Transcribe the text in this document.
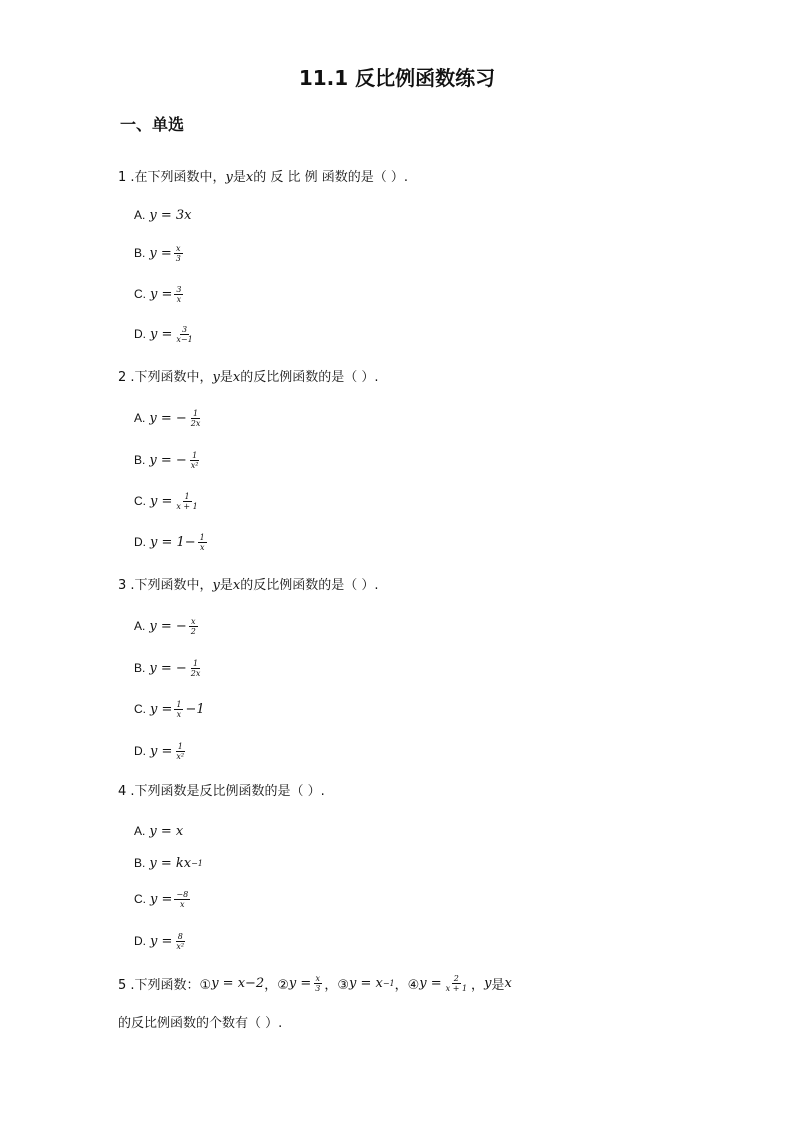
11.1 反比例函数练习
一、单选
1 .在下列函数中，y是x的 反 比 例 函数的是（ ）.
A. y = 3x
B. $y = \frac{x}{3}$
C. $y = \frac{3}{x}$
D. $y = \frac{3}{x-1}$
2 .下列函数中，y是x的反比例函数的是（ ）.
A. y = − $\frac{1}{2x}$
B. y = − $\frac{1}{\text{x²}}$
C. $y = \frac{1}{x + 1}$
D. $y = 1- \frac{1}{x}$
3 .下列函数中，y是x的反比例函数的是（ ）.
A. y = − $\frac{x}{2}$
B. y = − $\frac{1}{2x}$
C. $y = \frac{1}{x} -1$
D. $y = \frac{1}{\text{x²}}$
4 .下列函数是反比例函数的是（ ）.
A. y = x
B. y = kx −1
C. $y = \frac{-8}{x}$
D. $y = \frac{8}{\text{x²}}$
5 .下列函数：① y = x−2 ，② $y = \frac{x}{3}$ ，③ y = x −1 ，④ $y = \frac{2}{x + 1}$ ， y 是 x
的反比例函数的个数有（ ）.
